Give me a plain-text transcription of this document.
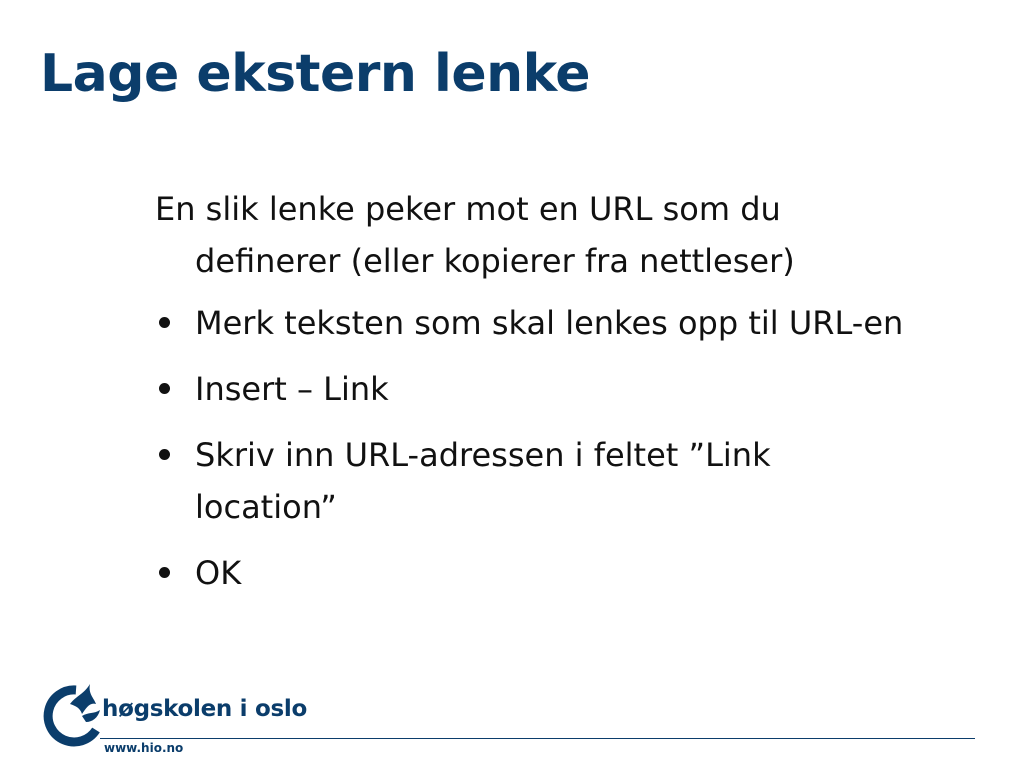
Lage ekstern lenke

En slik lenke peker mot en URL som du definerer (eller kopierer fra nettleser)

Merk teksten som skal lenkes opp til URL-en
Insert – Link
Skriv inn URL-adressen i feltet ”Link location”
OK
høgskolen i oslo
www.hio.no
